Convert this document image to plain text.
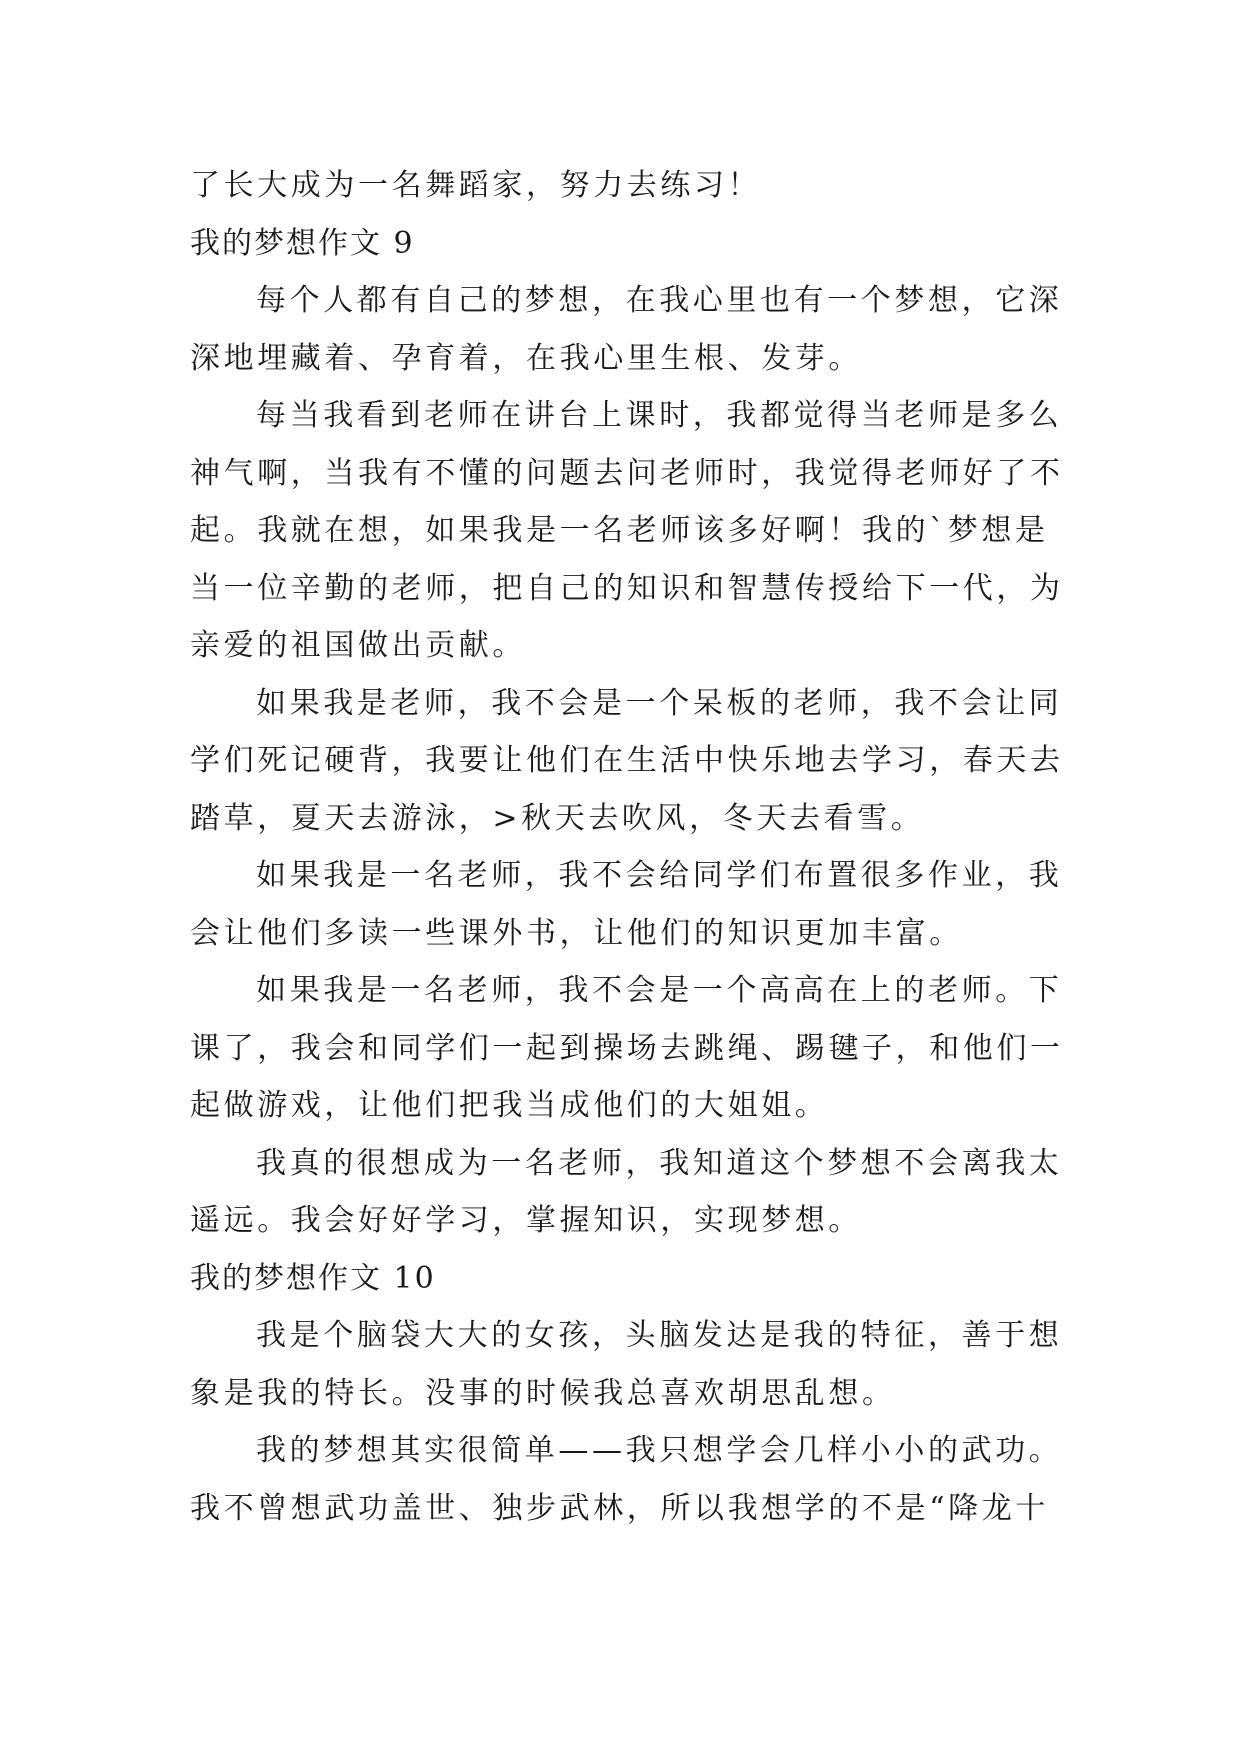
了长大成为一名舞蹈家，努力去练习！
我的梦想作文 9
每个人都有自己的梦想，在我心里也有一个梦想，它深
深地埋藏着、孕育着，在我心里生根、发芽。
每当我看到老师在讲台上课时，我都觉得当老师是多么
神气啊，当我有不懂的问题去问老师时，我觉得老师好了不
起。我就在想，如果我是一名老师该多好啊！我的`梦想是
当一位辛勤的老师，把自己的知识和智慧传授给下一代，为
亲爱的祖国做出贡献。
如果我是老师，我不会是一个呆板的老师，我不会让同
学们死记硬背，我要让他们在生活中快乐地去学习，春天去
踏草，夏天去游泳，>秋天去吹风，冬天去看雪。
如果我是一名老师，我不会给同学们布置很多作业，我
会让他们多读一些课外书，让他们的知识更加丰富。
如果我是一名老师，我不会是一个高高在上的老师。下
课了，我会和同学们一起到操场去跳绳、踢毽子，和他们一
起做游戏，让他们把我当成他们的大姐姐。
我真的很想成为一名老师，我知道这个梦想不会离我太
遥远。我会好好学习，掌握知识，实现梦想。
我的梦想作文 10
我是个脑袋大大的女孩，头脑发达是我的特征，善于想
象是我的特长。没事的时候我总喜欢胡思乱想。
我的梦想其实很简单——我只想学会几样小小的武功。
我不曾想武功盖世、独步武林，所以我想学的不是“降龙十
